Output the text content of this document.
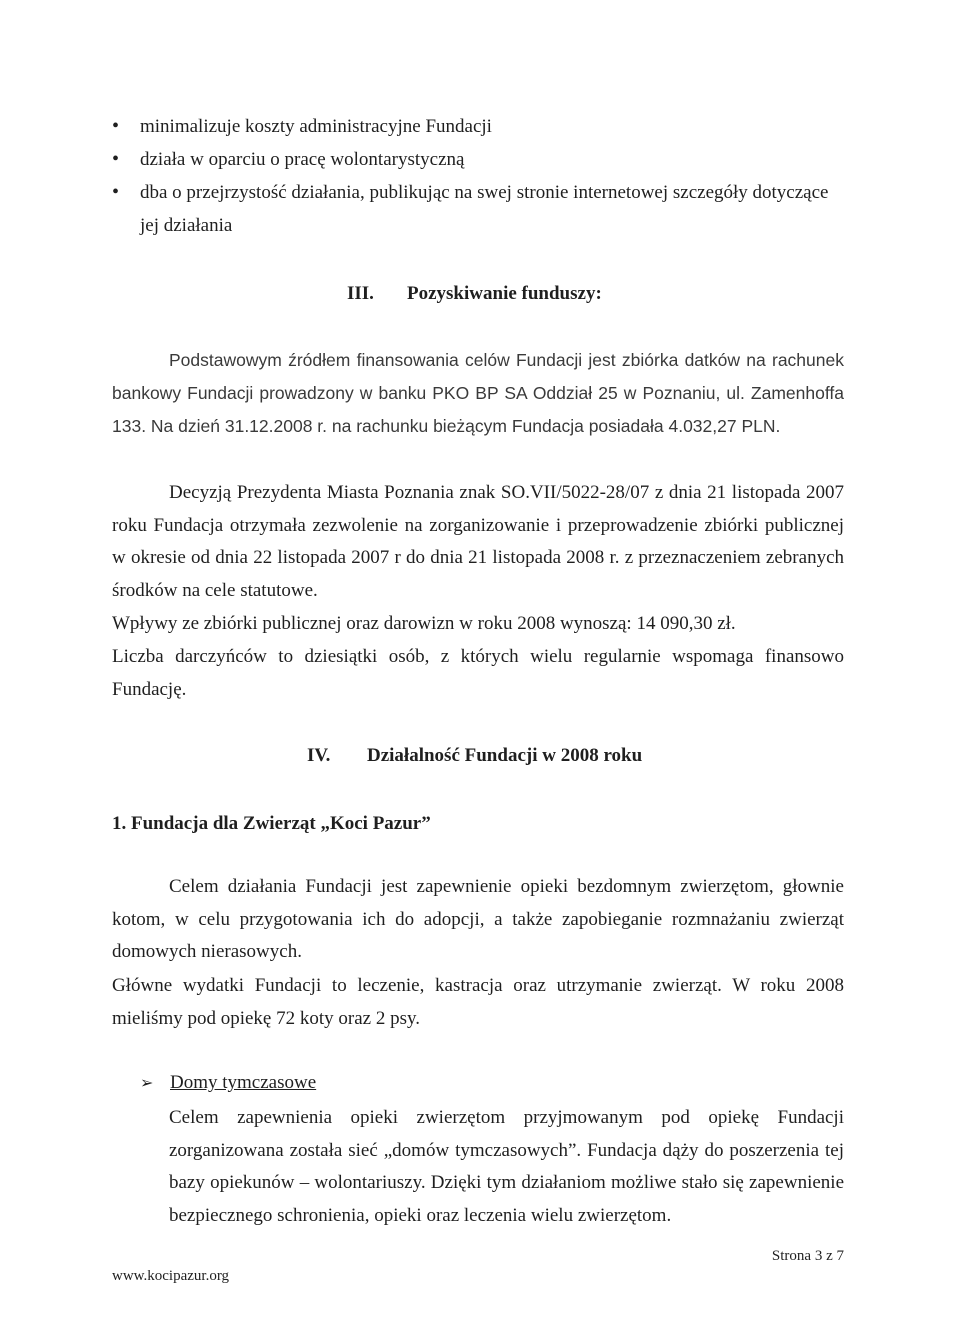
• minimalizuje koszty administracyjne Fundacji
• działa w oparciu o pracę wolontarystyczną
• dba o przejrzystość działania, publikując na swej stronie internetowej szczegóły dotyczące jej działania
III. Pozyskiwanie funduszy:

Podstawowym źródłem finansowania celów Fundacji jest zbiórka datków na rachunek bankowy Fundacji prowadzony w banku PKO BP SA Oddział 25 w Poznaniu, ul. Zamenhoffa 133. Na dzień 31.12.2008 r. na rachunku bieżącym Fundacja posiadała 4.032,27 PLN.

Decyzją Prezydenta Miasta Poznania znak SO.VII/5022-28/07 z dnia 21 listopada 2007 roku Fundacja otrzymała zezwolenie na zorganizowanie i przeprowadzenie zbiórki publicznej w okresie od dnia 22 listopada 2007 r do dnia 21 listopada 2008 r. z przeznaczeniem zebranych środków na cele statutowe.

Wpływy ze zbiórki publicznej oraz darowizn w roku 2008 wynoszą: 14 090,30 zł.

Liczba darczyńców to dziesiątki osób, z których wielu regularnie wspomaga finansowo Fundację.

IV. Działalność Fundacji w 2008 roku
1. Fundacja dla Zwierząt „Koci Pazur”

Celem działania Fundacji jest zapewnienie opieki bezdomnym zwierzętom, głownie kotom, w celu przygotowania ich do adopcji, a także zapobieganie rozmnażaniu zwierząt domowych nierasowych.

Główne wydatki Fundacji to leczenie, kastracja oraz utrzymanie zwierząt. W roku 2008 mieliśmy pod opiekę 72 koty oraz 2 psy.

➢ Domy tymczasowe

Celem zapewnienia opieki zwierzętom przyjmowanym pod opiekę Fundacji zorganizowana została sieć „domów tymczasowych”. Fundacja dąży do poszerzenia tej bazy opiekunów – wolontariuszy. Dzięki tym działaniom możliwe stało się zapewnienie bezpiecznego schronienia, opieki oraz leczenia wielu zwierzętom.

Strona 3 z 7
www.kocipazur.org
